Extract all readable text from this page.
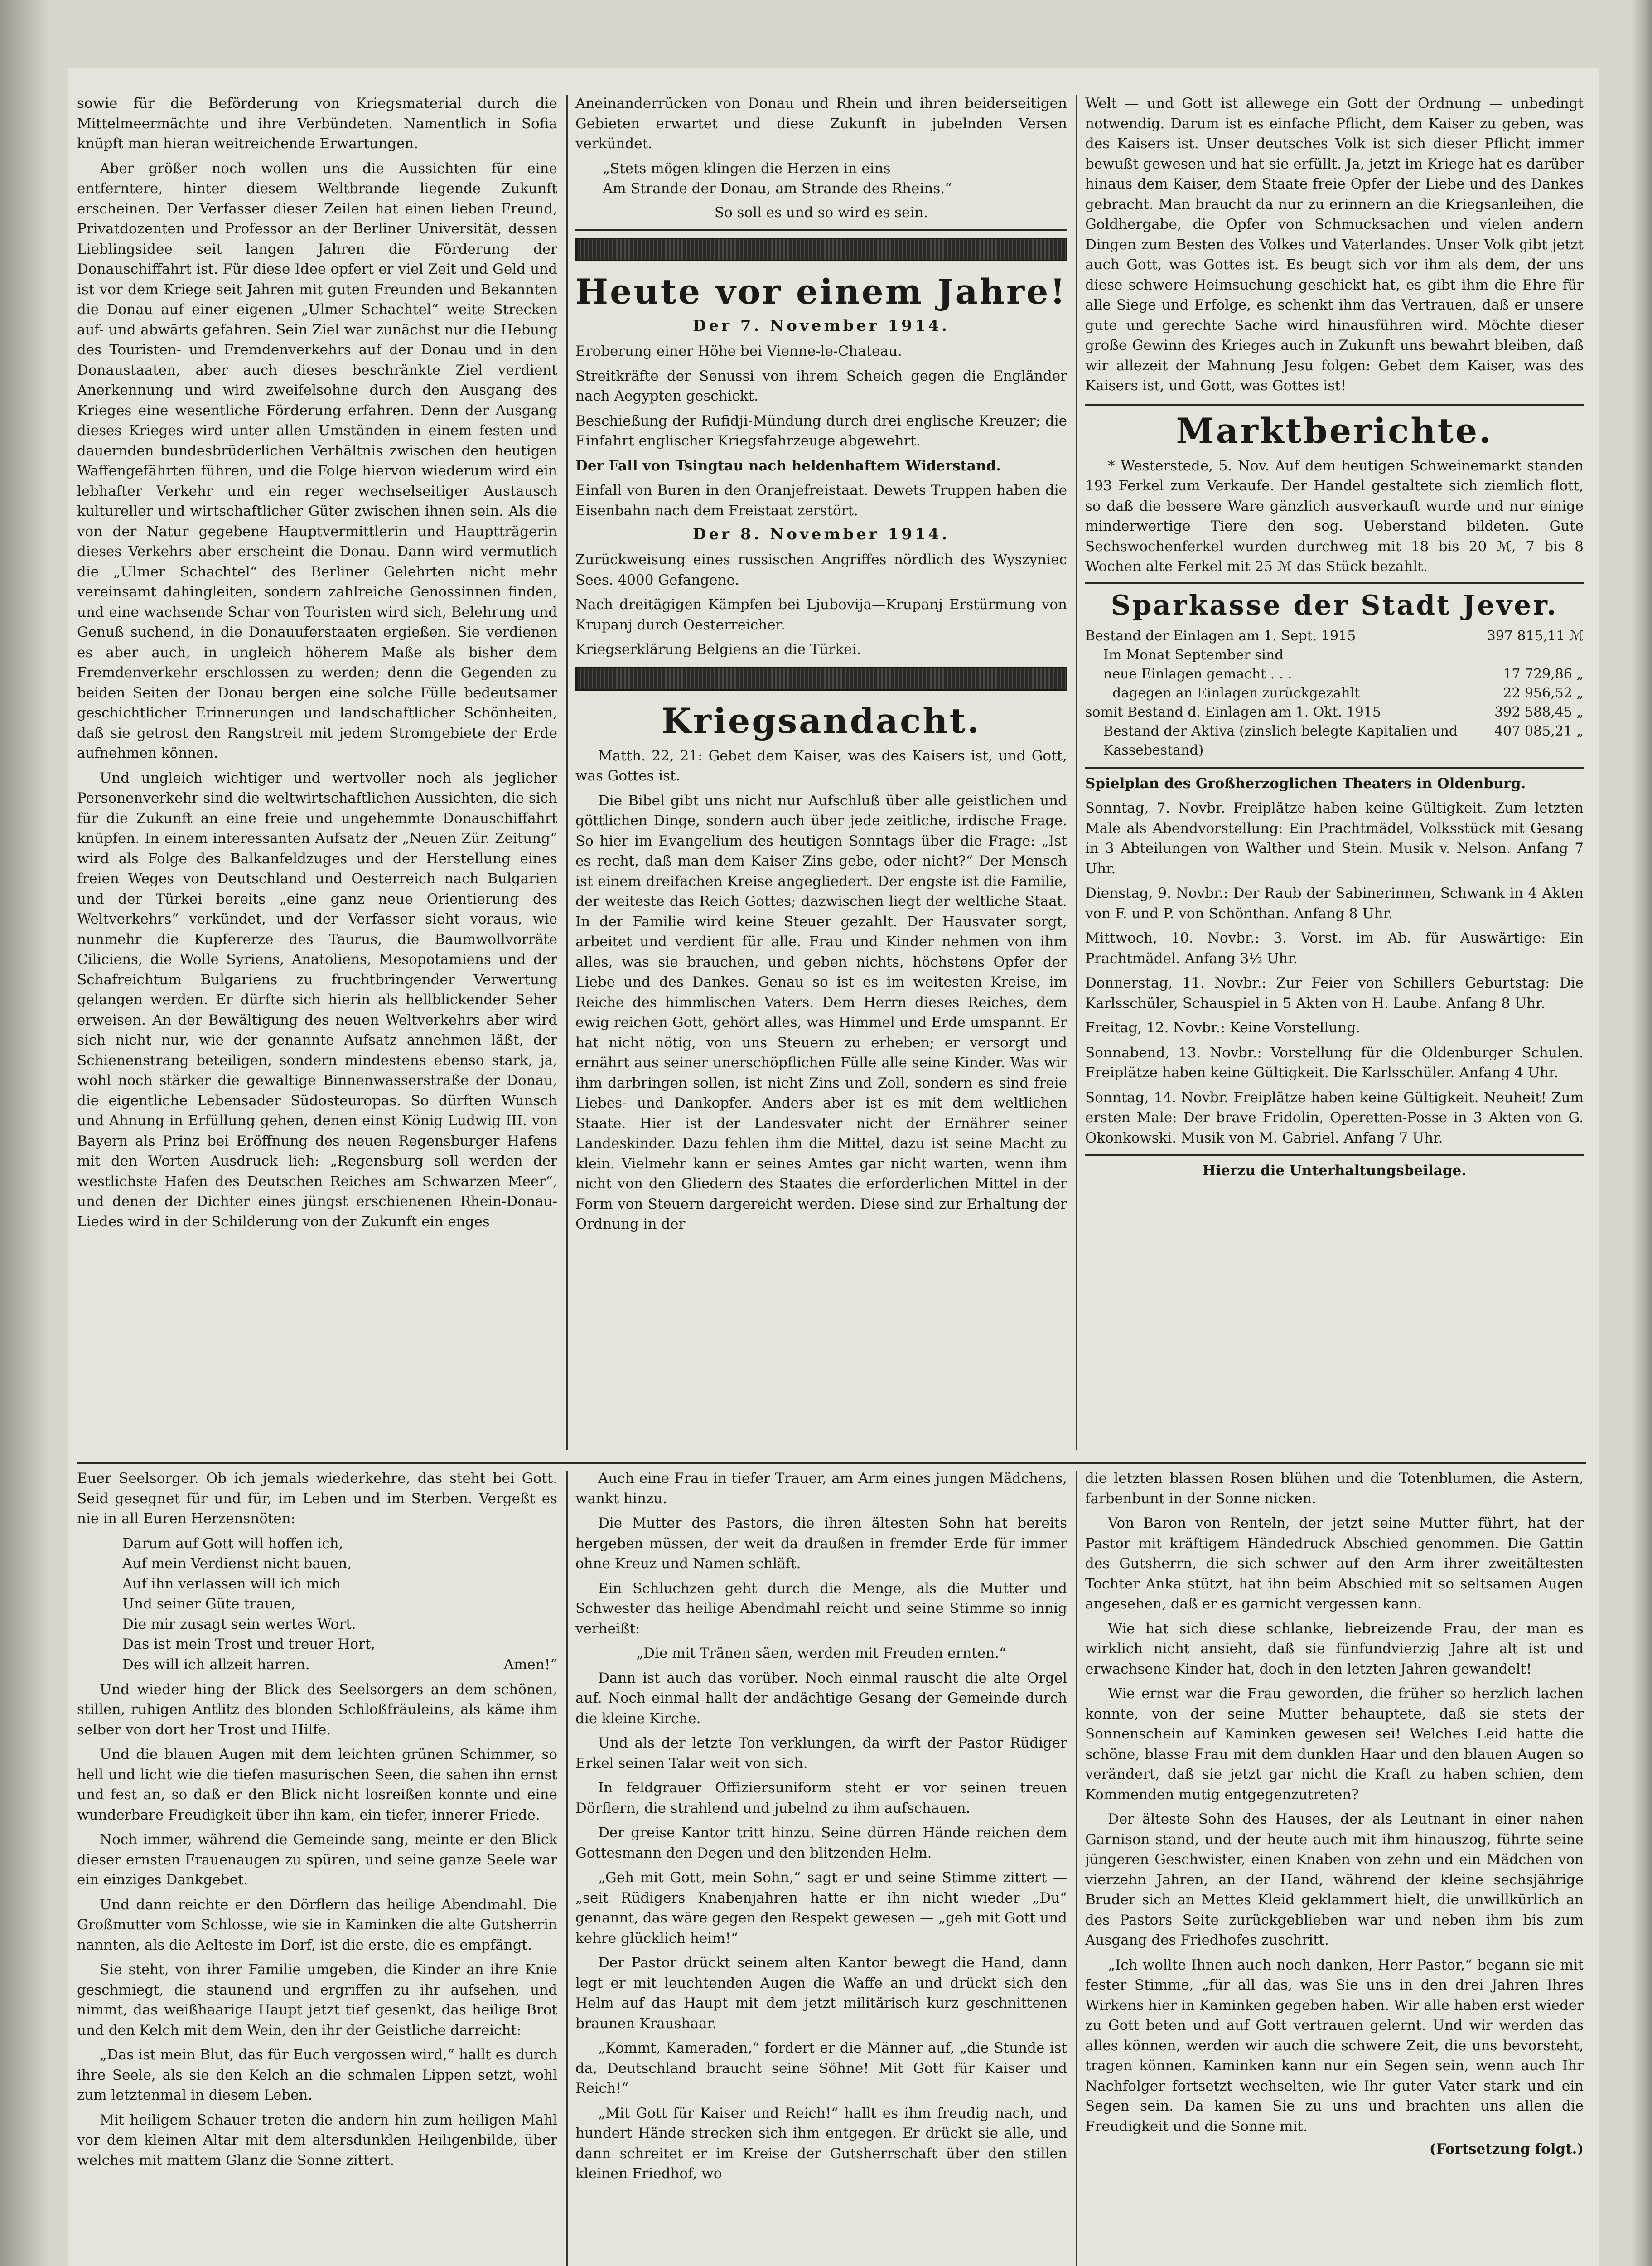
sowie für die Beförderung von Kriegsmaterial durch die Mittelmeermächte und ihre Verbündeten. Namentlich in Sofia knüpft man hieran weitreichende Erwartungen.

Aber größer noch wollen uns die Aussichten für eine entferntere, hinter diesem Weltbrande liegende Zukunft erscheinen. Der Verfasser dieser Zeilen hat einen lieben Freund, Privatdozenten und Professor an der Berliner Universität, dessen Lieblingsidee seit langen Jahren die Förderung der Donauschiffahrt ist. Für diese Idee opfert er viel Zeit und Geld und ist vor dem Kriege seit Jahren mit guten Freunden und Bekannten die Donau auf einer eigenen „Ulmer Schachtel“ weite Strecken auf- und abwärts gefahren. Sein Ziel war zunächst nur die Hebung des Touristen- und Fremdenverkehrs auf der Donau und in den Donaustaaten, aber auch dieses beschränkte Ziel verdient Anerkennung und wird zweifelsohne durch den Ausgang des Krieges eine wesentliche Förderung erfahren. Denn der Ausgang dieses Krieges wird unter allen Umständen in einem festen und dauernden bundesbrüderlichen Verhältnis zwischen den heutigen Waffengefährten führen, und die Folge hiervon wiederum wird ein lebhafter Verkehr und ein reger wechselseitiger Austausch kultureller und wirtschaftlicher Güter zwischen ihnen sein. Als die von der Natur gegebene Hauptvermittlerin und Hauptträgerin dieses Verkehrs aber erscheint die Donau. Dann wird vermutlich die „Ulmer Schachtel“ des Berliner Gelehrten nicht mehr vereinsamt dahingleiten, sondern zahlreiche Genossinnen finden, und eine wachsende Schar von Touristen wird sich, Belehrung und Genuß suchend, in die Donauuferstaaten ergießen. Sie verdienen es aber auch, in ungleich höherem Maße als bisher dem Fremdenverkehr erschlossen zu werden; denn die Gegenden zu beiden Seiten der Donau bergen eine solche Fülle bedeutsamer geschichtlicher Erinnerungen und landschaftlicher Schönheiten, daß sie getrost den Rangstreit mit jedem Stromgebiete der Erde aufnehmen können.

Und ungleich wichtiger und wertvoller noch als jeglicher Personenverkehr sind die weltwirtschaftlichen Aussichten, die sich für die Zukunft an eine freie und ungehemmte Donauschiffahrt knüpfen. In einem interessanten Aufsatz der „Neuen Zür. Zeitung“ wird als Folge des Balkanfeldzuges und der Herstellung eines freien Weges von Deutschland und Oesterreich nach Bulgarien und der Türkei bereits „eine ganz neue Orientierung des Weltverkehrs“ verkündet, und der Verfasser sieht voraus, wie nunmehr die Kupfererze des Taurus, die Baumwollvorräte Ciliciens, die Wolle Syriens, Anatoliens, Mesopotamiens und der Schafreichtum Bulgariens zu fruchtbringender Verwertung gelangen werden. Er dürfte sich hierin als hellblickender Seher erweisen. An der Bewältigung des neuen Weltverkehrs aber wird sich nicht nur, wie der genannte Aufsatz annehmen läßt, der Schienenstrang beteiligen, sondern mindestens ebenso stark, ja, wohl noch stärker die gewaltige Binnenwasserstraße der Donau, die eigentliche Lebensader Südosteuropas. So dürften Wunsch und Ahnung in Erfüllung gehen, denen einst König Ludwig III. von Bayern als Prinz bei Eröffnung des neuen Regensburger Hafens mit den Worten Ausdruck lieh: „Regensburg soll werden der westlichste Hafen des Deutschen Reiches am Schwarzen Meer“, und denen der Dichter eines jüngst erschienenen Rhein-Donau-Liedes wird in der Schilderung von der Zukunft ein enges

Aneinanderrücken von Donau und Rhein und ihren beiderseitigen Gebieten erwartet und diese Zukunft in jubelnden Versen verkündet.

„Stets mögen klingen die Herzen in eins
Am Strande der Donau, am Strande des Rheins.“

So soll es und so wird es sein.

Heute vor einem Jahre!
Der 7. November 1914.

Eroberung einer Höhe bei Vienne-le-Chateau.

Streitkräfte der Senussi von ihrem Scheich gegen die Engländer nach Aegypten geschickt.

Beschießung der Rufidji-Mündung durch drei englische Kreuzer; die Einfahrt englischer Kriegsfahrzeuge abgewehrt.

Der Fall von Tsingtau nach heldenhaftem Widerstand.

Einfall von Buren in den Oranjefreistaat. Dewets Truppen haben die Eisenbahn nach dem Freistaat zerstört.

Der 8. November 1914.

Zurückweisung eines russischen Angriffes nördlich des Wyszyniec Sees. 4000 Gefangene.

Nach dreitägigen Kämpfen bei Ljubovija—Krupanj Erstürmung von Krupanj durch Oesterreicher.

Kriegserklärung Belgiens an die Türkei.

Kriegsandacht.

Matth. 22, 21: Gebet dem Kaiser, was des Kaisers ist, und Gott, was Gottes ist.

Die Bibel gibt uns nicht nur Aufschluß über alle geistlichen und göttlichen Dinge, sondern auch über jede zeitliche, irdische Frage. So hier im Evangelium des heutigen Sonntags über die Frage: „Ist es recht, daß man dem Kaiser Zins gebe, oder nicht?“ Der Mensch ist einem dreifachen Kreise angegliedert. Der engste ist die Familie, der weiteste das Reich Gottes; dazwischen liegt der weltliche Staat. In der Familie wird keine Steuer gezahlt. Der Hausvater sorgt, arbeitet und verdient für alle. Frau und Kinder nehmen von ihm alles, was sie brauchen, und geben nichts, höchstens Opfer der Liebe und des Dankes. Genau so ist es im weitesten Kreise, im Reiche des himmlischen Vaters. Dem Herrn dieses Reiches, dem ewig reichen Gott, gehört alles, was Himmel und Erde umspannt. Er hat nicht nötig, von uns Steuern zu erheben; er versorgt und ernährt aus seiner unerschöpflichen Fülle alle seine Kinder. Was wir ihm darbringen sollen, ist nicht Zins und Zoll, sondern es sind freie Liebes- und Dankopfer. Anders aber ist es mit dem weltlichen Staate. Hier ist der Landesvater nicht der Ernährer seiner Landeskinder. Dazu fehlen ihm die Mittel, dazu ist seine Macht zu klein. Vielmehr kann er seines Amtes gar nicht warten, wenn ihm nicht von den Gliedern des Staates die erforderlichen Mittel in der Form von Steuern dargereicht werden. Diese sind zur Erhaltung der Ordnung in der

Welt — und Gott ist allewege ein Gott der Ordnung — unbedingt notwendig. Darum ist es einfache Pflicht, dem Kaiser zu geben, was des Kaisers ist. Unser deutsches Volk ist sich dieser Pflicht immer bewußt gewesen und hat sie erfüllt. Ja, jetzt im Kriege hat es darüber hinaus dem Kaiser, dem Staate freie Opfer der Liebe und des Dankes gebracht. Man braucht da nur zu erinnern an die Kriegsanleihen, die Goldhergabe, die Opfer von Schmucksachen und vielen andern Dingen zum Besten des Volkes und Vaterlandes. Unser Volk gibt jetzt auch Gott, was Gottes ist. Es beugt sich vor ihm als dem, der uns diese schwere Heimsuchung geschickt hat, es gibt ihm die Ehre für alle Siege und Erfolge, es schenkt ihm das Vertrauen, daß er unsere gute und gerechte Sache wird hinausführen wird. Möchte dieser große Gewinn des Krieges auch in Zukunft uns bewahrt bleiben, daß wir allezeit der Mahnung Jesu folgen: Gebet dem Kaiser, was des Kaisers ist, und Gott, was Gottes ist!

Marktberichte.

* Westerstede, 5. Nov. Auf dem heutigen Schweinemarkt standen 193 Ferkel zum Verkaufe. Der Handel gestaltete sich ziemlich flott, so daß die bessere Ware gänzlich ausverkauft wurde und nur einige minderwertige Tiere den sog. Ueberstand bildeten. Gute Sechswochenferkel wurden durchweg mit 18 bis 20 ℳ, 7 bis 8 Wochen alte Ferkel mit 25 ℳ das Stück bezahlt.

Sparkasse der Stadt Jever.
Bestand der Einlagen am 1. Sept. 1915	397 815,11 ℳ
Im Monat September sind	
neue Einlagen gemacht . . .	17 729,86 „
dagegen an Einlagen zurückgezahlt	22 956,52 „
somit Bestand d. Einlagen am 1. Okt. 1915	392 588,45 „
Bestand der Aktiva (zinslich belegte Kapitalien und Kassebestand)	407 085,21 „

Spielplan des Großherzoglichen Theaters in Oldenburg.

Sonntag, 7. Novbr. Freiplätze haben keine Gültigkeit. Zum letzten Male als Abendvorstellung: Ein Prachtmädel, Volksstück mit Gesang in 3 Abteilungen von Walther und Stein. Musik v. Nelson. Anfang 7 Uhr.

Dienstag, 9. Novbr.: Der Raub der Sabinerinnen, Schwank in 4 Akten von F. und P. von Schönthan. Anfang 8 Uhr.

Mittwoch, 10. Novbr.: 3. Vorst. im Ab. für Auswärtige: Ein Prachtmädel. Anfang 3½ Uhr.

Donnerstag, 11. Novbr.: Zur Feier von Schillers Geburtstag: Die Karlsschüler, Schauspiel in 5 Akten von H. Laube. Anfang 8 Uhr.

Freitag, 12. Novbr.: Keine Vorstellung.

Sonnabend, 13. Novbr.: Vorstellung für die Oldenburger Schulen. Freiplätze haben keine Gültigkeit. Die Karlsschüler. Anfang 4 Uhr.

Sonntag, 14. Novbr. Freiplätze haben keine Gültigkeit. Neuheit! Zum ersten Male: Der brave Fridolin, Operetten-Posse in 3 Akten von G. Okonkowski. Musik von M. Gabriel. Anfang 7 Uhr.

Hierzu die Unterhaltungsbeilage.

Euer Seelsorger. Ob ich jemals wiederkehre, das steht bei Gott. Seid gesegnet für und für, im Leben und im Sterben. Vergeßt es nie in all Euren Herzensnöten:

Darum auf Gott will hoffen ich,
Auf mein Verdienst nicht bauen,
Auf ihn verlassen will ich mich
Und seiner Güte trauen,
Die mir zusagt sein wertes Wort.
Das ist mein Trost und treuer Hort,
Des will ich allzeit harren.	Amen!“

Und wieder hing der Blick des Seelsorgers an dem schönen, stillen, ruhigen Antlitz des blonden Schloßfräuleins, als käme ihm selber von dort her Trost und Hilfe.

Und die blauen Augen mit dem leichten grünen Schimmer, so hell und licht wie die tiefen masurischen Seen, die sahen ihn ernst und fest an, so daß er den Blick nicht losreißen konnte und eine wunderbare Freudigkeit über ihn kam, ein tiefer, innerer Friede.

Noch immer, während die Gemeinde sang, meinte er den Blick dieser ernsten Frauenaugen zu spüren, und seine ganze Seele war ein einziges Dankgebet.

Und dann reichte er den Dörflern das heilige Abendmahl. Die Großmutter vom Schlosse, wie sie in Kaminken die alte Gutsherrin nannten, als die Aelteste im Dorf, ist die erste, die es empfängt.

Sie steht, von ihrer Familie umgeben, die Kinder an ihre Knie geschmiegt, die staunend und ergriffen zu ihr aufsehen, und nimmt, das weißhaarige Haupt jetzt tief gesenkt, das heilige Brot und den Kelch mit dem Wein, den ihr der Geistliche darreicht:

„Das ist mein Blut, das für Euch vergossen wird,“ hallt es durch ihre Seele, als sie den Kelch an die schmalen Lippen setzt, wohl zum letztenmal in diesem Leben.

Mit heiligem Schauer treten die andern hin zum heiligen Mahl vor dem kleinen Altar mit dem altersdunklen Heiligenbilde, über welches mit mattem Glanz die Sonne zittert.

Auch eine Frau in tiefer Trauer, am Arm eines jungen Mädchens, wankt hinzu.

Die Mutter des Pastors, die ihren ältesten Sohn hat bereits hergeben müssen, der weit da draußen in fremder Erde für immer ohne Kreuz und Namen schläft.

Ein Schluchzen geht durch die Menge, als die Mutter und Schwester das heilige Abendmahl reicht und seine Stimme so innig verheißt:

„Die mit Tränen säen, werden mit Freuden ernten.“

Dann ist auch das vorüber. Noch einmal rauscht die alte Orgel auf. Noch einmal hallt der andächtige Gesang der Gemeinde durch die kleine Kirche.

Und als der letzte Ton verklungen, da wirft der Pastor Rüdiger Erkel seinen Talar weit von sich.

In feldgrauer Offiziersuniform steht er vor seinen treuen Dörflern, die strahlend und jubelnd zu ihm aufschauen.

Der greise Kantor tritt hinzu. Seine dürren Hände reichen dem Gottesmann den Degen und den blitzenden Helm.

„Geh mit Gott, mein Sohn,“ sagt er und seine Stimme zittert — „seit Rüdigers Knabenjahren hatte er ihn nicht wieder „Du“ genannt, das wäre gegen den Respekt gewesen — „geh mit Gott und kehre glücklich heim!“

Der Pastor drückt seinem alten Kantor bewegt die Hand, dann legt er mit leuchtenden Augen die Waffe an und drückt sich den Helm auf das Haupt mit dem jetzt militärisch kurz geschnittenen braunen Kraushaar.

„Kommt, Kameraden,“ fordert er die Männer auf, „die Stunde ist da, Deutschland braucht seine Söhne! Mit Gott für Kaiser und Reich!“

„Mit Gott für Kaiser und Reich!“ hallt es ihm freudig nach, und hundert Hände strecken sich ihm entgegen. Er drückt sie alle, und dann schreitet er im Kreise der Gutsherrschaft über den stillen kleinen Friedhof, wo

die letzten blassen Rosen blühen und die Totenblumen, die Astern, farbenbunt in der Sonne nicken.

Von Baron von Renteln, der jetzt seine Mutter führt, hat der Pastor mit kräftigem Händedruck Abschied genommen. Die Gattin des Gutsherrn, die sich schwer auf den Arm ihrer zweitältesten Tochter Anka stützt, hat ihn beim Abschied mit so seltsamen Augen angesehen, daß er es garnicht vergessen kann.

Wie hat sich diese schlanke, liebreizende Frau, der man es wirklich nicht ansieht, daß sie fünfundvierzig Jahre alt ist und erwachsene Kinder hat, doch in den letzten Jahren gewandelt!

Wie ernst war die Frau geworden, die früher so herzlich lachen konnte, von der seine Mutter behauptete, daß sie stets der Sonnenschein auf Kaminken gewesen sei! Welches Leid hatte die schöne, blasse Frau mit dem dunklen Haar und den blauen Augen so verändert, daß sie jetzt gar nicht die Kraft zu haben schien, dem Kommenden mutig entgegenzutreten?

Der älteste Sohn des Hauses, der als Leutnant in einer nahen Garnison stand, und der heute auch mit ihm hinauszog, führte seine jüngeren Geschwister, einen Knaben von zehn und ein Mädchen von vierzehn Jahren, an der Hand, während der kleine sechsjährige Bruder sich an Mettes Kleid geklammert hielt, die unwillkürlich an des Pastors Seite zurückgeblieben war und neben ihm bis zum Ausgang des Friedhofes zuschritt.

„Ich wollte Ihnen auch noch danken, Herr Pastor,“ begann sie mit fester Stimme, „für all das, was Sie uns in den drei Jahren Ihres Wirkens hier in Kaminken gegeben haben. Wir alle haben erst wieder zu Gott beten und auf Gott vertrauen gelernt. Und wir werden das alles können, werden wir auch die schwere Zeit, die uns bevorsteht, tragen können. Kaminken kann nur ein Segen sein, wenn auch Ihr Nachfolger fortsetzt wechselten, wie Ihr guter Vater stark und ein Segen sein. Da kamen Sie zu uns und brachten uns allen die Freudigkeit und die Sonne mit.

(Fortsetzung folgt.)
